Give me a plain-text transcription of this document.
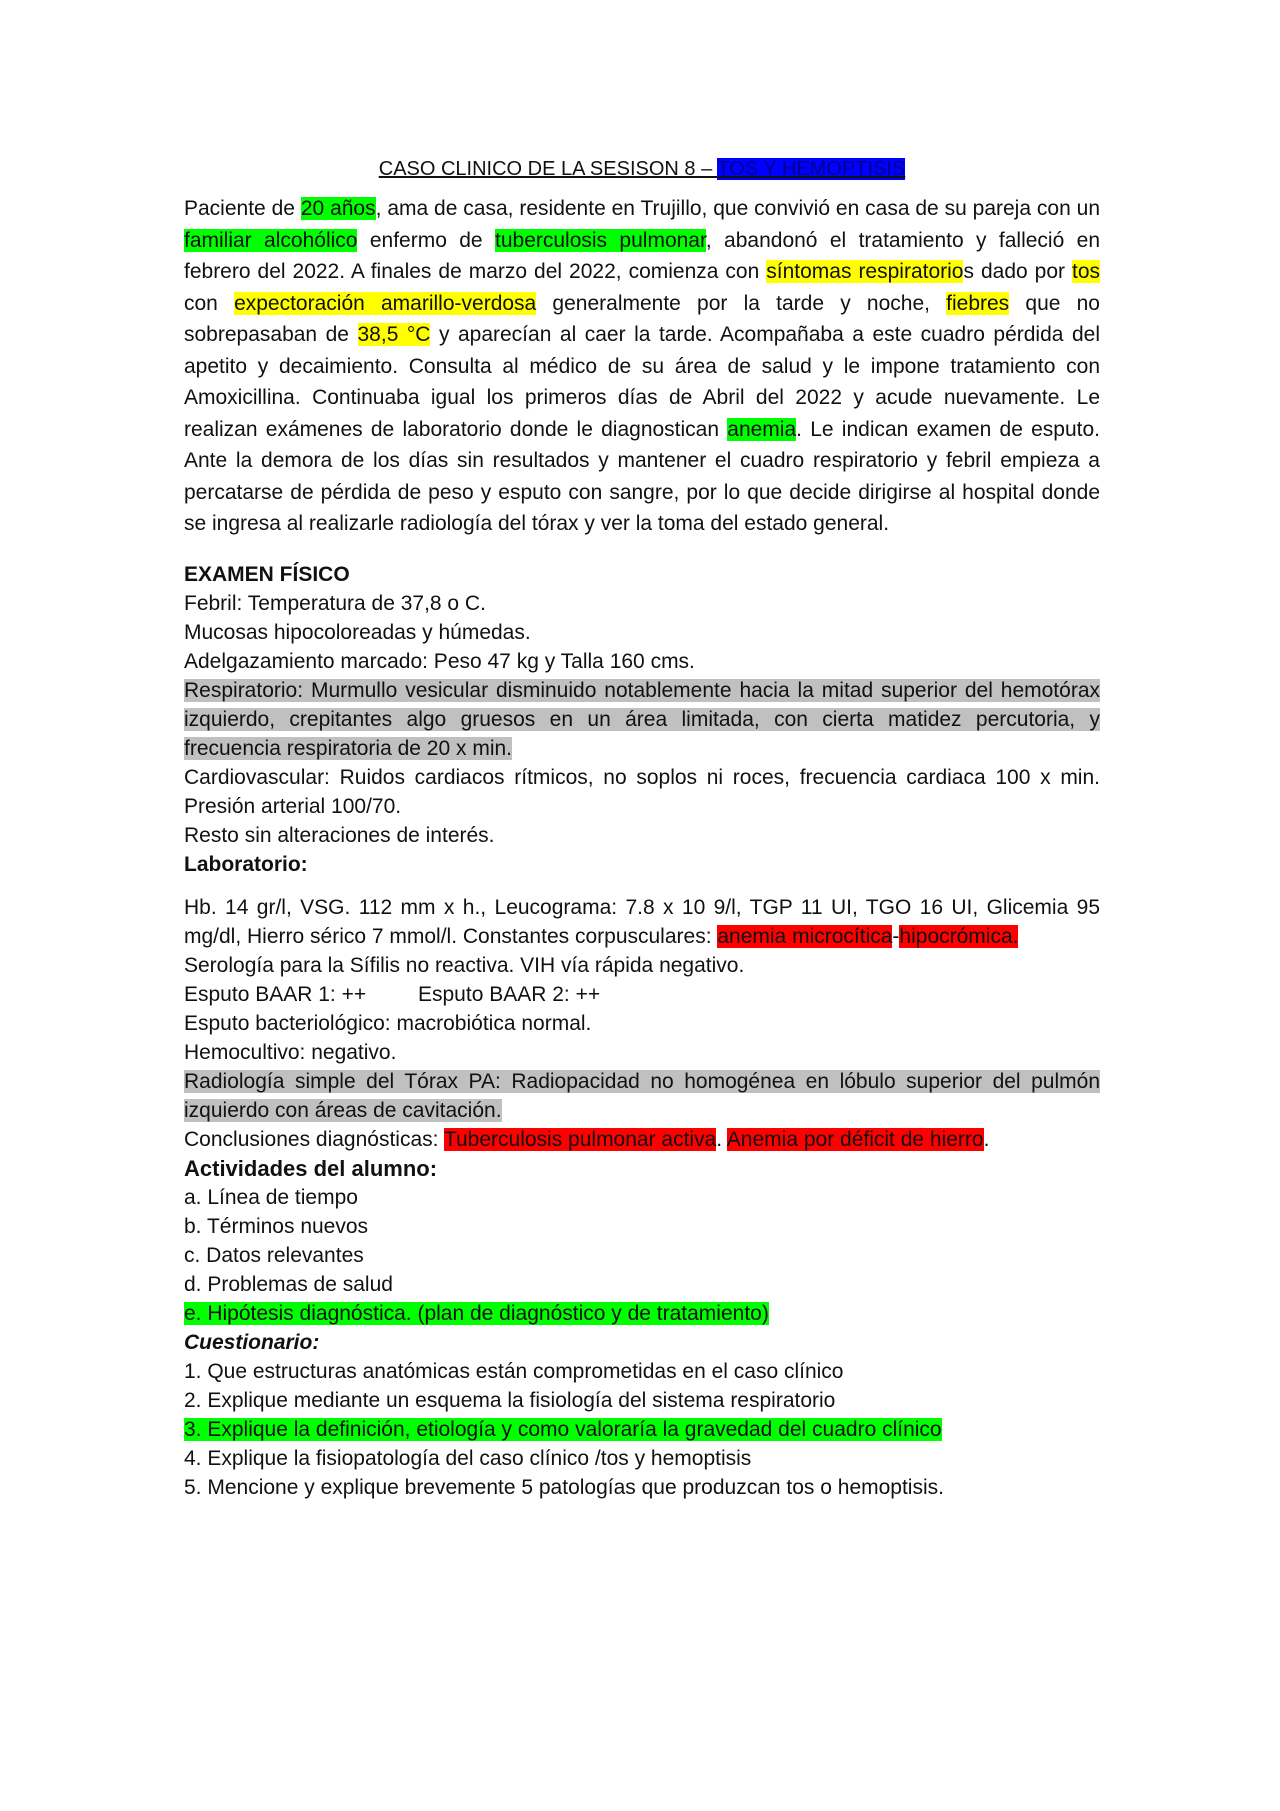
CASO CLINICO DE LA SESISON 8 – TOS Y HEMOPTISIS

Paciente de 20 años, ama de casa, residente en Trujillo, que convivió en casa de su pareja con un familiar alcohólico enfermo de tuberculosis pulmonar, abandonó el tratamiento y falleció en febrero del 2022. A finales de marzo del 2022, comienza con síntomas respiratorios dado por tos con expectoración amarillo-verdosa generalmente por la tarde y noche, fiebres que no sobrepasaban de 38,5 °C y aparecían al caer la tarde. Acompañaba a este cuadro pérdida del apetito y decaimiento. Consulta al médico de su área de salud y le impone tratamiento con Amoxicillina. Continuaba igual los primeros días de Abril del 2022 y acude nuevamente. Le realizan exámenes de laboratorio donde le diagnostican anemia. Le indican examen de esputo. Ante la demora de los días sin resultados y mantener el cuadro respiratorio y febril empieza a percatarse de pérdida de peso y esputo con sangre, por lo que decide dirigirse al hospital donde se ingresa al realizarle radiología del tórax y ver la toma del estado general.

EXAMEN FÍSICO

Febril: Temperatura de 37,8 o C.

Mucosas hipocoloreadas y húmedas.

Adelgazamiento marcado: Peso 47 kg y Talla 160 cms.

Respiratorio: Murmullo vesicular disminuido notablemente hacia la mitad superior del hemotórax izquierdo, crepitantes algo gruesos en un área limitada, con cierta matidez percutoria, y frecuencia respiratoria de 20 x min.

Cardiovascular: Ruidos cardiacos rítmicos, no soplos ni roces, frecuencia cardiaca 100 x min. Presión arterial 100/70.

Resto sin alteraciones de interés.

Laboratorio:

Hb. 14 gr/l, VSG. 112 mm x h., Leucograma: 7.8 x 10 9/l, TGP 11 UI, TGO 16 UI, Glicemia 95 mg/dl, Hierro sérico 7 mmol/l. Constantes corpusculares: anemia microcítica-hipocrómica.

Serología para la Sífilis no reactiva. VIH vía rápida negativo.

Esputo BAAR 1: ++ Esputo BAAR 2: ++

Esputo bacteriológico: macrobiótica normal.

Hemocultivo: negativo.

Radiología simple del Tórax PA: Radiopacidad no homogénea en lóbulo superior del pulmón izquierdo con áreas de cavitación.

Conclusiones diagnósticas: Tuberculosis pulmonar activa. Anemia por déficit de hierro.

Actividades del alumno:

a. Línea de tiempo

b. Términos nuevos

c. Datos relevantes

d. Problemas de salud

e. Hipótesis diagnóstica. (plan de diagnóstico y de tratamiento)

Cuestionario:

1. Que estructuras anatómicas están comprometidas en el caso clínico

2. Explique mediante un esquema la fisiología del sistema respiratorio

3. Explique la definición, etiología y como valoraría la gravedad del cuadro clínico

4. Explique la fisiopatología del caso clínico /tos y hemoptisis

5. Mencione y explique brevemente 5 patologías que produzcan tos o hemoptisis.
